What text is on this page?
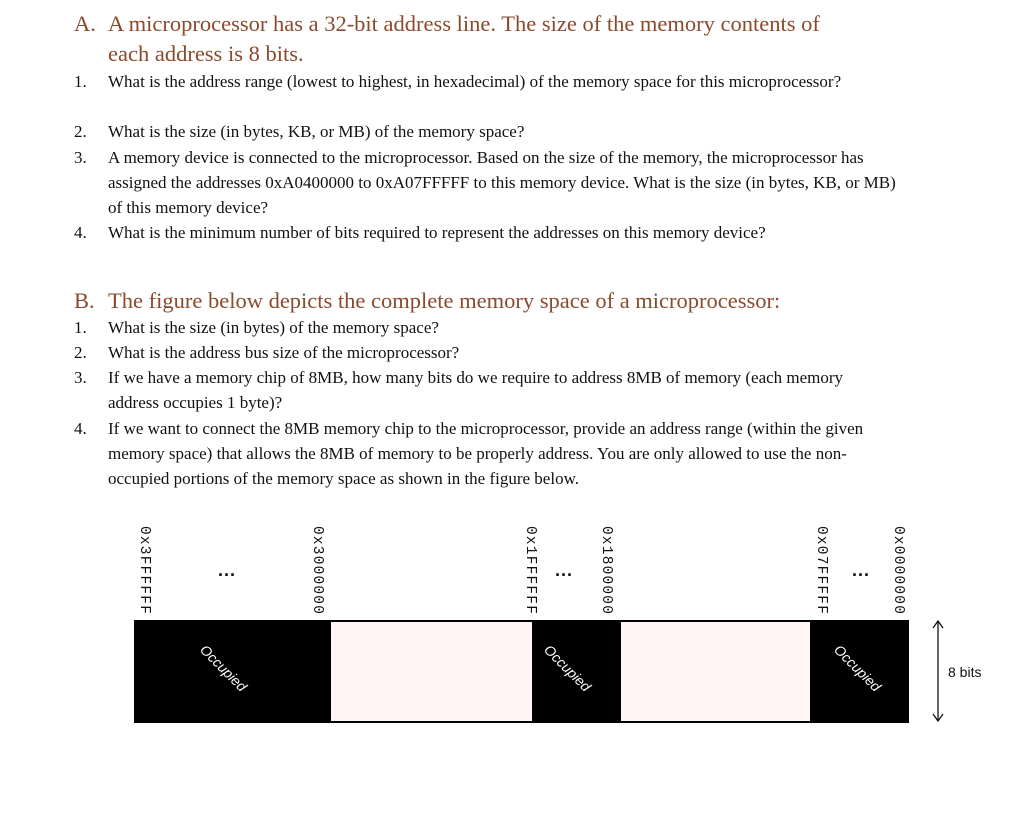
A. A microprocessor has a 32-bit address line. The size of the memory contents of
each address is 8 bits.
1. What is the address range (lowest to highest, in hexadecimal) of the memory space for this microprocessor?
2. What is the size (in bytes, KB, or MB) of the memory space?
3. A memory device is connected to the microprocessor. Based on the size of the memory, the microprocessor has assigned the addresses 0xA0400000 to 0xA07FFFFF to this memory device. What is the size (in bytes, KB, or MB) of this memory device?
4. What is the minimum number of bits required to represent the addresses on this memory device?
B. The figure below depicts the complete memory space of a microprocessor:
1. What is the size (in bytes) of the memory space?
2. What is the address bus size of the microprocessor?
3. If we have a memory chip of 8MB, how many bits do we require to address 8MB of memory (each memory address occupies 1 byte)?
4. If we want to connect the 8MB memory chip to the microprocessor, provide an address range (within the given memory space) that allows the 8MB of memory to be properly address. You are only allowed to use the non-occupied portions of the memory space as shown in the figure below.
0x3FFFFFF	0x3000000	0x1FFFFFF	0x1800000	0x07FFFFF	0x0000000
...	...	...
Occupied	Occupied	Occupied	8 bits
